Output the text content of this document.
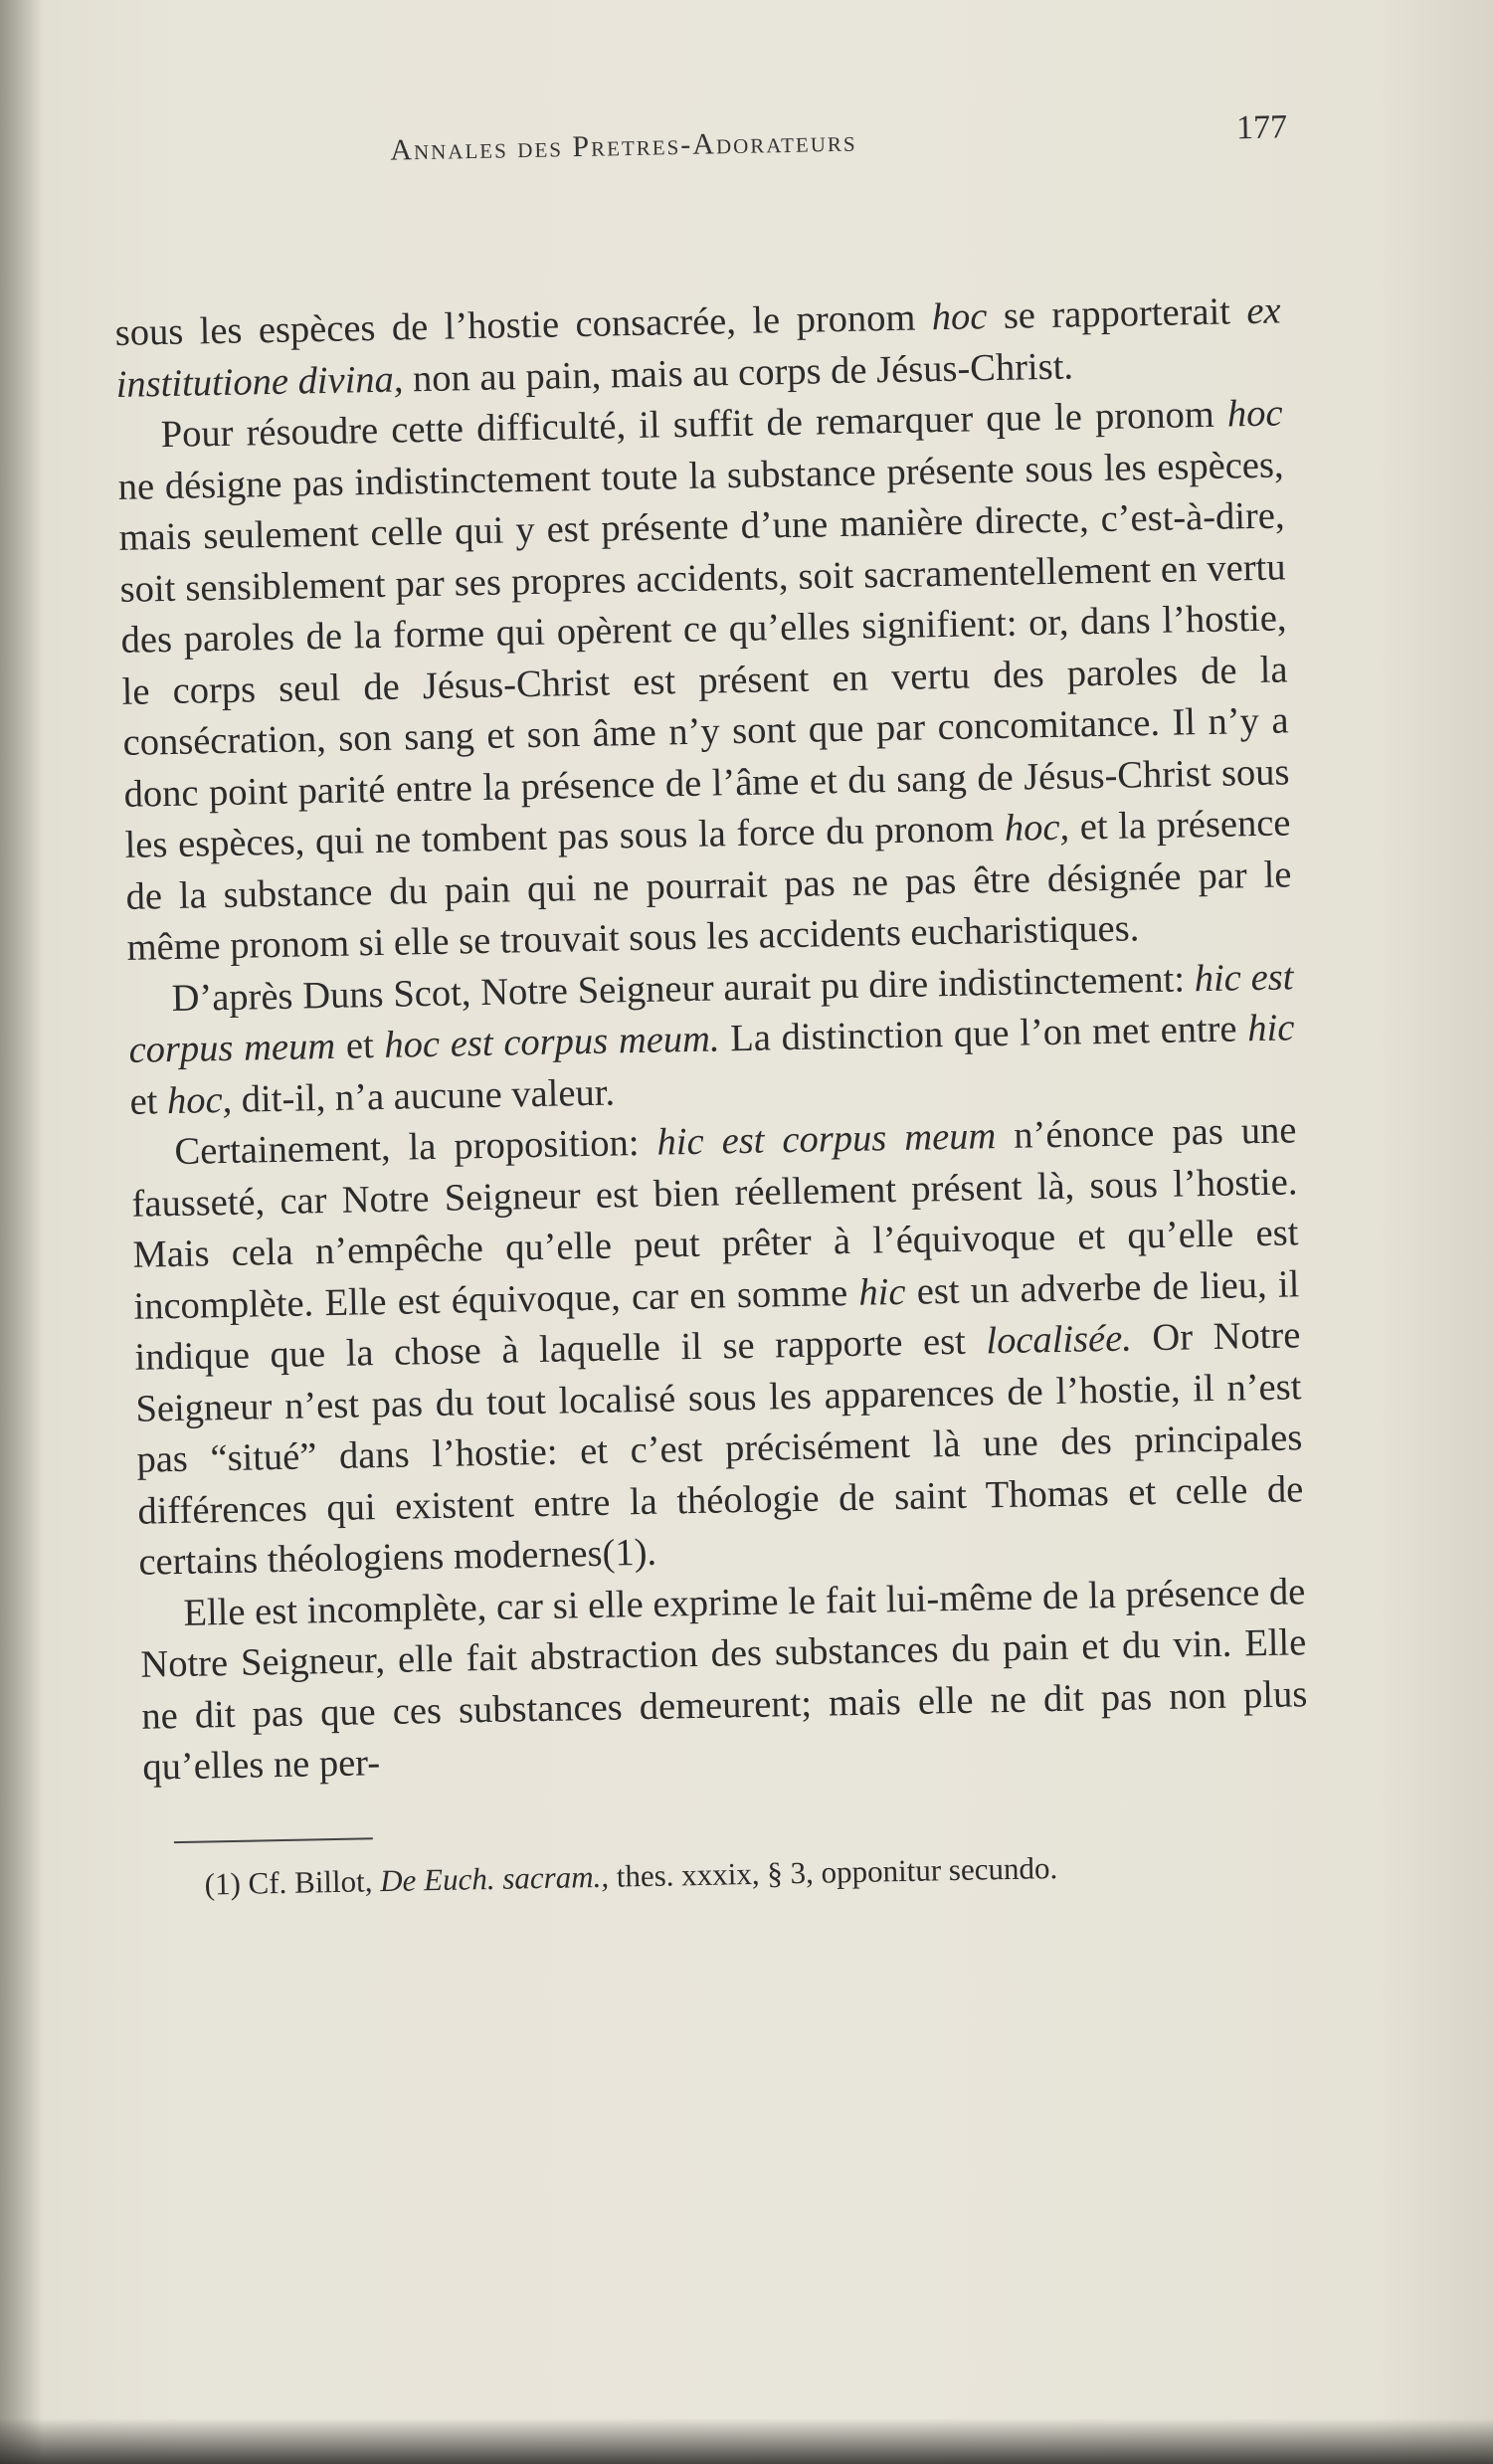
Annales des Pretres-Adorateurs	177

sous les espèces de l’hostie consacrée, le pronom hoc se rapporterait ex institutione divina, non au pain, mais au corps de Jésus-Christ.

Pour résoudre cette difficulté, il suffit de remarquer que le pronom hoc ne désigne pas indistinctement toute la substance présente sous les espèces, mais seulement celle qui y est présente d’une manière directe, c’est-à-dire, soit sensiblement par ses propres accidents, soit sacramentellement en vertu des paroles de la forme qui opèrent ce qu’elles signifient: or, dans l’hostie, le corps seul de Jésus-Christ est présent en vertu des paroles de la consécration, son sang et son âme n’y sont que par concomitance. Il n’y a donc point parité entre la présence de l’âme et du sang de Jésus-Christ sous les espèces, qui ne tombent pas sous la force du pronom hoc, et la présence de la substance du pain qui ne pourrait pas ne pas être désignée par le même pronom si elle se trouvait sous les accidents eucharistiques.

D’après Duns Scot, Notre Seigneur aurait pu dire indistinctement: hic est corpus meum et hoc est corpus meum. La distinction que l’on met entre hic et hoc, dit-il, n’a aucune valeur.

Certainement, la proposition: hic est corpus meum n’énonce pas une fausseté, car Notre Seigneur est bien réellement présent là, sous l’hostie. Mais cela n’empêche qu’elle peut prêter à l’équivoque et qu’elle est incomplète. Elle est équivoque, car en somme hic est un adverbe de lieu, il indique que la chose à laquelle il se rapporte est localisée. Or Notre Seigneur n’est pas du tout localisé sous les apparences de l’hostie, il n’est pas “situé” dans l’hostie: et c’est précisément là une des principales différences qui existent entre la théologie de saint Thomas et celle de certains théologiens modernes(1).

Elle est incomplète, car si elle exprime le fait lui-même de la présence de Notre Seigneur, elle fait abstraction des substances du pain et du vin. Elle ne dit pas que ces substances demeurent; mais elle ne dit pas non plus qu’elles ne per-

(1) Cf. Billot, De Euch. sacram., thes. xxxix, § 3, opponitur secundo.
